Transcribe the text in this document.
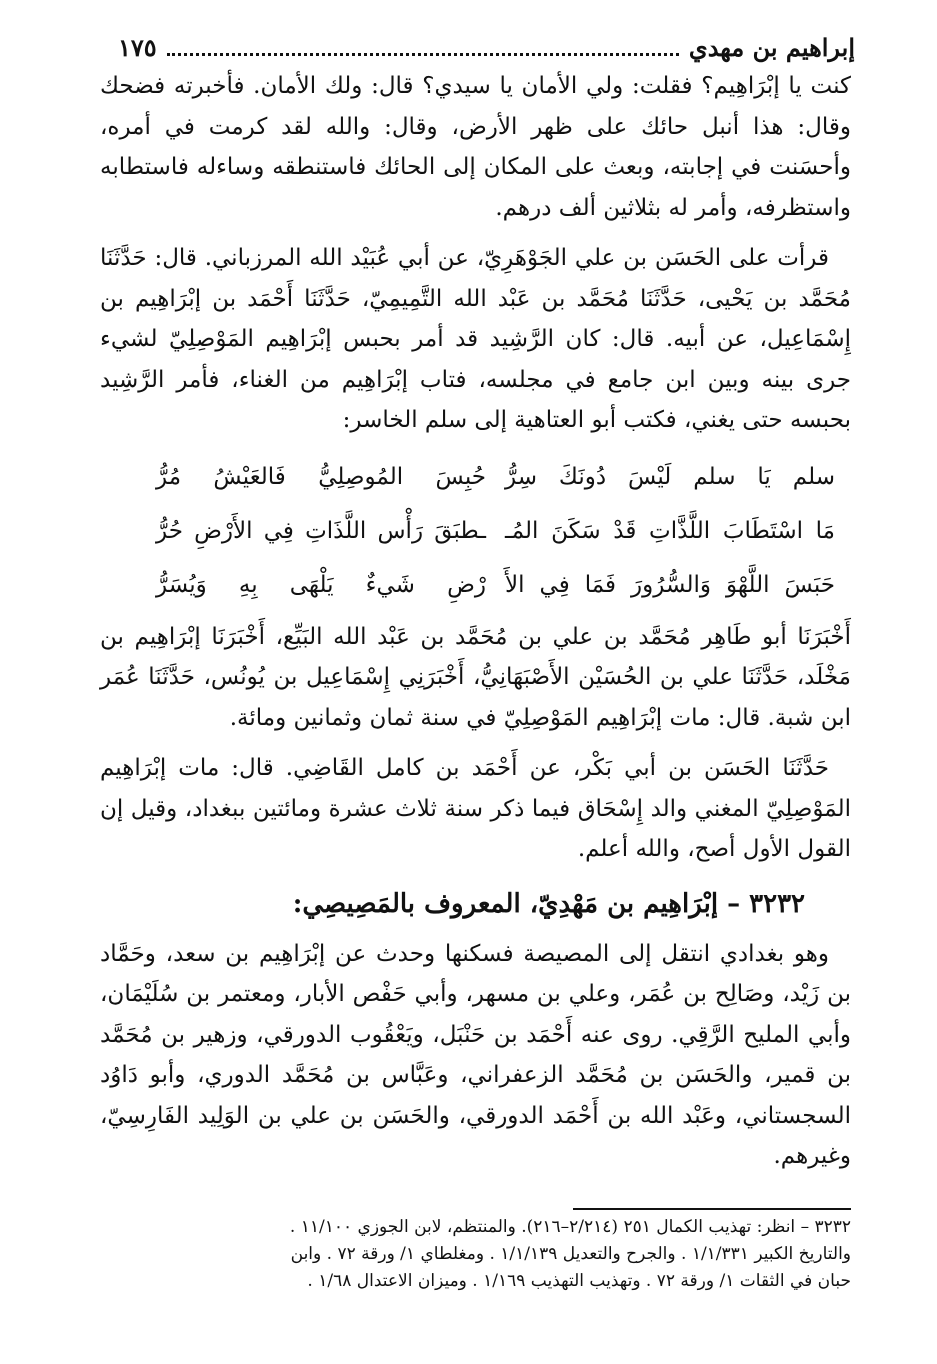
إبراهيم بن مهدي
١٧٥

كنت يا إبْرَاهِيم؟ فقلت: ولي الأمان يا سيدي؟ قال: ولك الأمان. فأخبرته فضحك وقال: هذا أنبل حائك على ظهر الأرض، وقال: والله لقد كرمت في أمره، وأحسَنت في إجابته، وبعث على المكان إلى الحائك فاستنطقه وساءله فاستطابه واستظرفه، وأمر له بثلاثين ألف درهم.

قرأت على الحَسَن بن علي الجَوْهَرِيّ، عن أبي عُبَيْد الله المرزباني. قال: حَدَّثَنَا مُحَمَّد بن يَحْيى، حَدَّثَنَا مُحَمَّد بن عَبْد الله التَّمِيمِيّ، حَدَّثَنَا أَحْمَد بن إبْرَاهِيم بن إِسْمَاعِيل، عن أبيه. قال: كان الرَّشِيد قد أمر بحبس إبْرَاهِيم المَوْصِلِيّ لشيء جرى بينه وبين ابن جامع في مجلسه، فتاب إبْرَاهِيم من الغناء، فأمر الرَّشِيد بحبسه حتى يغني، فكتب أبو العتاهية إلى سلم الخاسر:

سلم يَا سلم لَيْسَ دُونَكَ سِرُّ
حُبِسَ المُوصِلِيُّ فَالعَيْشُ مُرُّ
مَا اسْتَطَابَ اللَّذَّاتِ قَدْ سَكَنَ المُـ
ـطبَقَ رَأْس اللَّذَاتِ فِي الأَرْضِ حُرُّ
حَبَسَ اللَّهْوَ وَالسُّرُورَ فَمَا فِي الأَ
رْضِ شَيءٌ يَلْهَى بِهِ وَيُسَرُّ

أَخْبَرَنَا أبو طَاهِر مُحَمَّد بن علي بن مُحَمَّد بن عَبْد الله البَيِّع، أَخْبَرَنَا إبْرَاهِيم بن مَخْلَد، حَدَّثَنَا علي بن الحُسَيْن الأَصْبَهَانِيُّ، أَخْبَرَنِي إِسْمَاعِيل بن يُونُس، حَدَّثَنَا عُمَر ابن شبة. قال: مات إبْرَاهِيم المَوْصِلِيّ في سنة ثمان وثمانين ومائة.

حَدَّثَنَا الحَسَن بن أبي بَكْر، عن أَحْمَد بن كامل القَاضِي. قال: مات إبْرَاهِيم المَوْصِلِيّ المغني والد إِسْحَاق فيما ذكر سنة ثلاث عشرة ومائتين ببغداد، وقيل إن القول الأول أصح، والله أعلم.

٣٢٣٢ – إبْرَاهِيم بن مَهْدِيّ، المعروف بالمَصِيصِي:

وهو بغدادي انتقل إلى المصيصة فسكنها وحدث عن إبْرَاهِيم بن سعد، وحَمَّاد بن زَيْد، وصَالِح بن عُمَر، وعلي بن مسهر، وأبي حَفْص الأبار، ومعتمر بن سُلَيْمَان، وأبي المليح الرَّقِي. روى عنه أَحْمَد بن حَنْبَل، ويَعْقُوب الدورقي، وزهير بن مُحَمَّد بن قمير، والحَسَن بن مُحَمَّد الزعفراني، وعَبَّاس بن مُحَمَّد الدوري، وأبو دَاوُد السجستاني، وعَبْد الله بن أَحْمَد الدورقي، والحَسَن بن علي بن الوَلِيد الفَارِسِيّ، وغيرهم.

٣٢٣٢ – انظر: تهذيب الكمال ٢٥١ (٢/٢١٤–٢١٦). والمنتظم، لابن الجوزي ١١/١٠٠ .
والتاريخ الكبير ١/١/٣٣١ . والجرح والتعديل ١/١/١٣٩ . ومغلطاي ١/ ورقة ٧٢ . وابن
حبان في الثقات ١/ ورقة ٧٢ . وتهذيب التهذيب ١/١٦٩ . وميزان الاعتدال ١/٦٨ .
